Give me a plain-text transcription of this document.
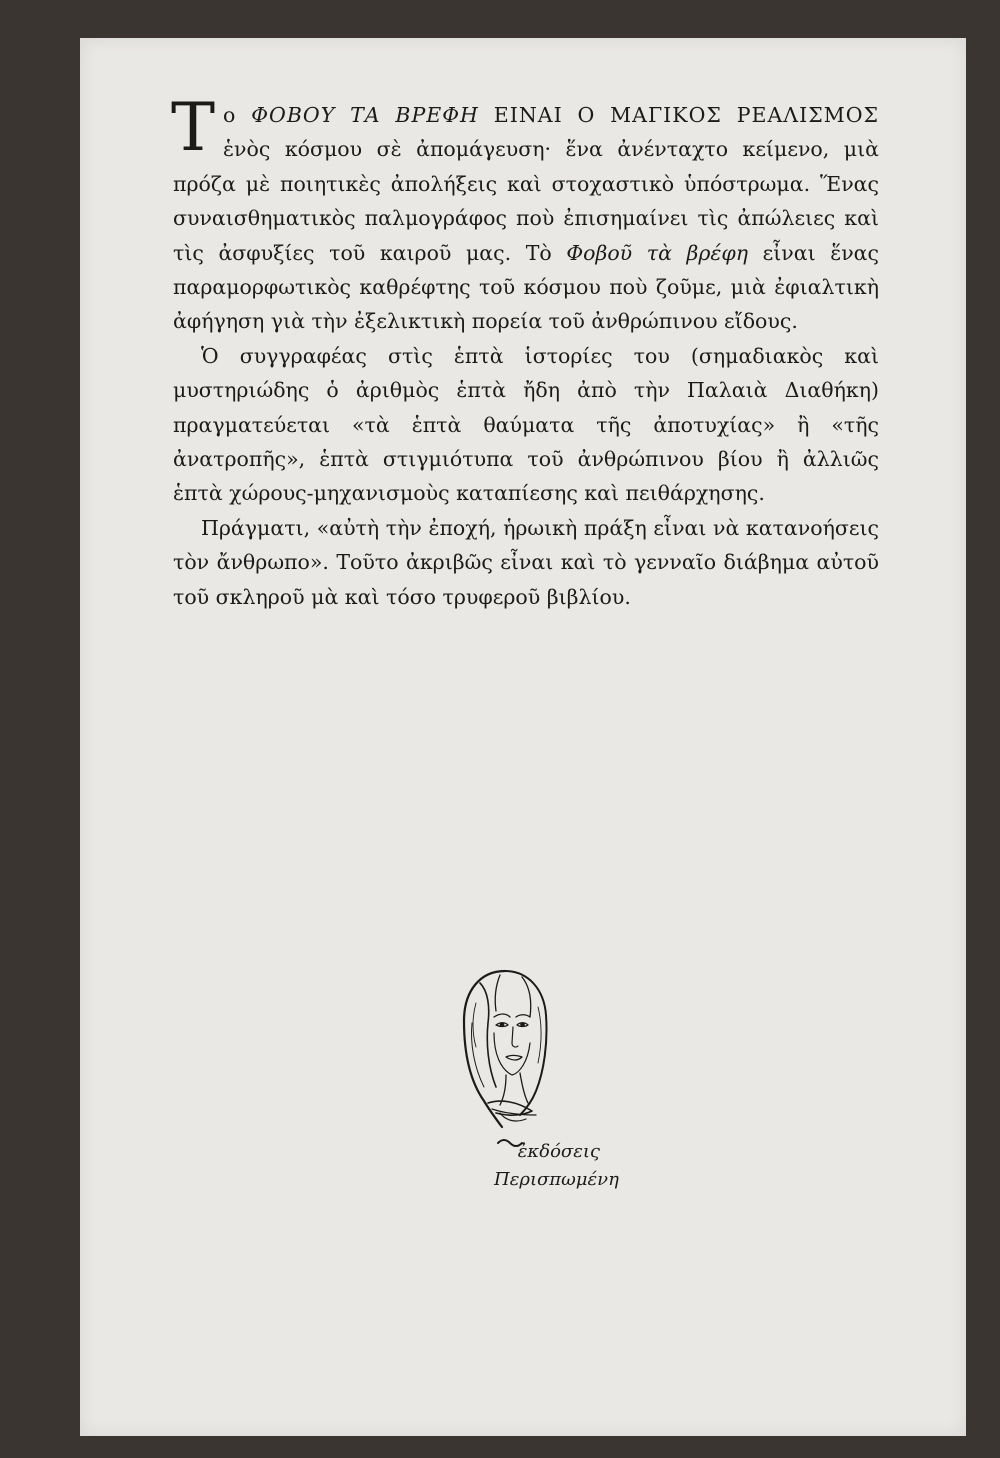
Το ΦΟΒΟΥ ΤΑ ΒΡΕΦΗ ΕΙΝΑΙ Ο ΜΑΓΙΚΟΣ ΡΕΑΛΙΣΜΟΣ ἑνὸς κόσμου σὲ ἀπομάγευση· ἕνα ἀνένταχτο κείμενο, μιὰ πρόζα μὲ ποιητικὲς ἀπολήξεις καὶ στοχαστικὸ ὑπόστρωμα. Ἕνας συναισθηματικὸς παλμογράφος ποὺ ἐπισημαίνει τὶς ἀπώλειες καὶ τὶς ἀσφυξίες τοῦ καιροῦ μας. Τὸ Φοβοῦ τὰ βρέφη εἶναι ἕνας παραμορφωτικὸς καθρέφτης τοῦ κόσμου ποὺ ζοῦμε, μιὰ ἐφιαλτικὴ ἀφήγηση γιὰ τὴν ἐξελικτικὴ πορεία τοῦ ἀνθρώπινου εἴδους.

Ὁ συγγραφέας στὶς ἑπτὰ ἱστορίες του (σημαδιακὸς καὶ μυστηριώδης ὁ ἀριθμὸς ἑπτὰ ἤδη ἀπὸ τὴν Παλαιὰ Διαθήκη) πραγματεύεται «τὰ ἑπτὰ θαύματα τῆς ἀποτυχίας» ἢ «τῆς ἀνατροπῆς», ἑπτὰ στιγμιότυπα τοῦ ἀνθρώπινου βίου ἢ ἀλλιῶς ἑπτὰ χώρους-μηχανισμοὺς καταπίεσης καὶ πειθάρχησης.

Πράγματι, «αὐτὴ τὴν ἐποχή, ἡρωικὴ πράξη εἶναι νὰ κατανοήσεις τὸν ἄνθρωπο». Τοῦτο ἀκριβῶς εἶναι καὶ τὸ γενναῖο διάβημα αὐτοῦ τοῦ σκληροῦ μὰ καὶ τόσο τρυφεροῦ βιβλίου.

ἐκδόσεις
Περισπωμένη
